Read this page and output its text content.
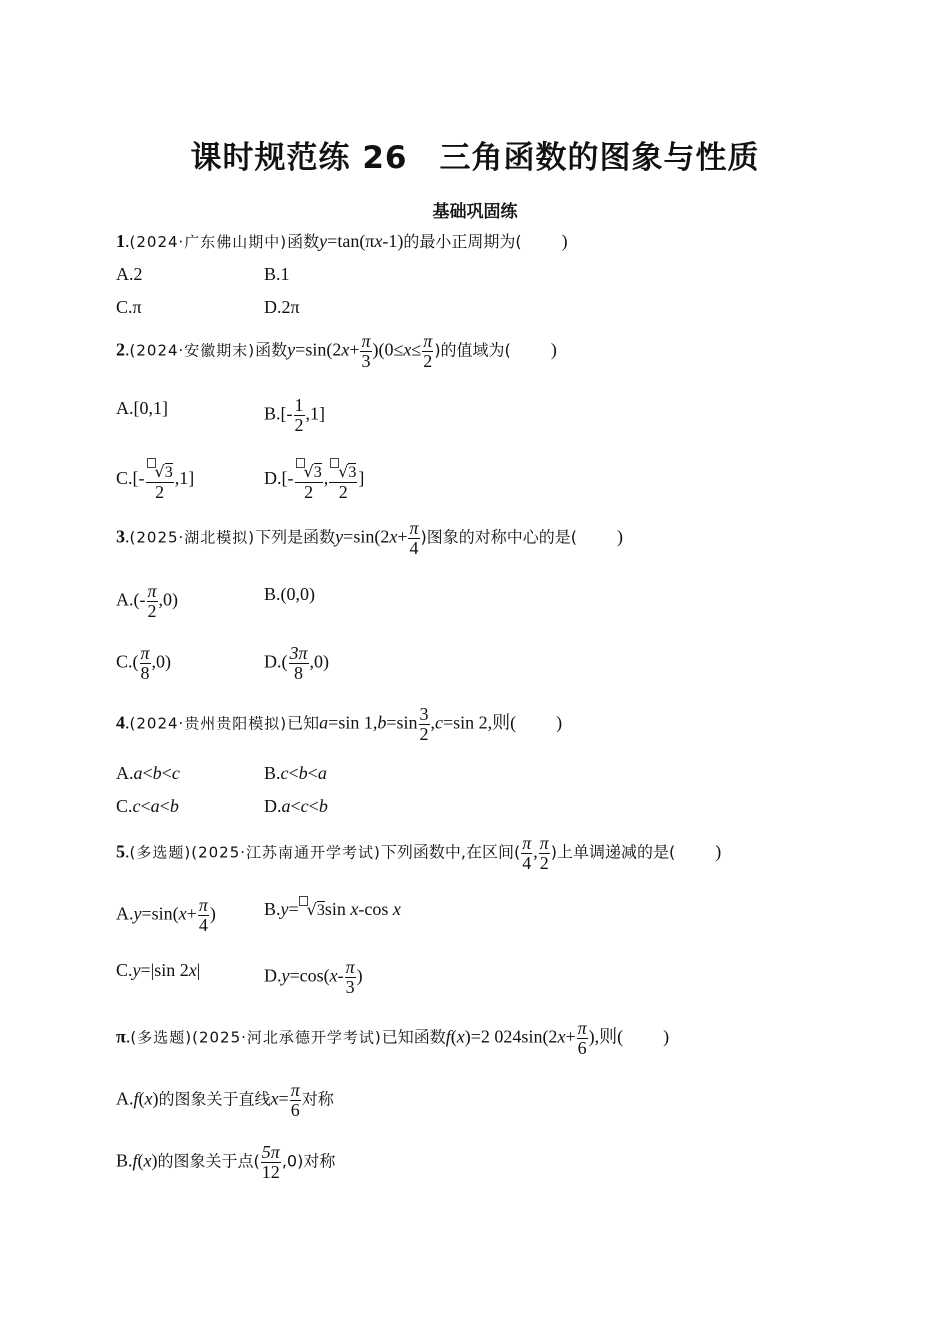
课时规范练 26　三角函数的图象与性质
基础巩固练
1.(2024·广东佛山期中)函数y=tan(πx-1)的最小正周期为( )
A.2	B.1
C.π	D.2π
2.(2024·安徽期末)函数$y=\sin(2x+ \frac{\pi}{3} )(0\le x\le \frac{\pi}{2}$ )的值域为( )
A.[0,1]	$B.[- \frac{1}{2} ,1]$
$C.[- \frac{√3}{2} ,1]$	$D.[- \frac{√3}{2}$ , $\frac{√3}{2}$ ]
3.(2025·湖北模拟)下列是函数$y=\sin(2x+ \frac{\pi}{4}$ )图象的对称中心的是( )
$A.(- \frac{\pi}{2} ,0)$	B.(0,0)
$C.( \frac{\pi}{8} ,0)$	$D.( \frac{3\pi}{8} ,0)$
4.(2024·贵州贵阳模拟)已知a=sin $1,b=\sin \frac{3}{2} ,c=\sin$ 2,则( )
A.a<b<c	B.c<b<a
C.c<a<b	D.a<c<b
5.(多选题)(2025·江苏南通开学考试)下列函数中,在区间( $\frac{\pi}{4}$ , $\frac{\pi}{2}$ )上单调递减的是( )
$A.y=\sin(x+ \frac{\pi}{4}$ )	B.y= √3sin x-cos x
C.y=|sin 2x|	$D.y=\cos(x- \frac{\pi}{3}$ )
π.(多选题)(2025·河北承德开学考试)已知函数f(x)=2 $024\sin(2x+ \frac{\pi}{6}$ ),则( )
A.f(x)的图象关于直线$x= \frac{\pi}{6}$ 对称
B.f(x)的图象关于点( $\frac{5\pi}{12} ,0$)对称
